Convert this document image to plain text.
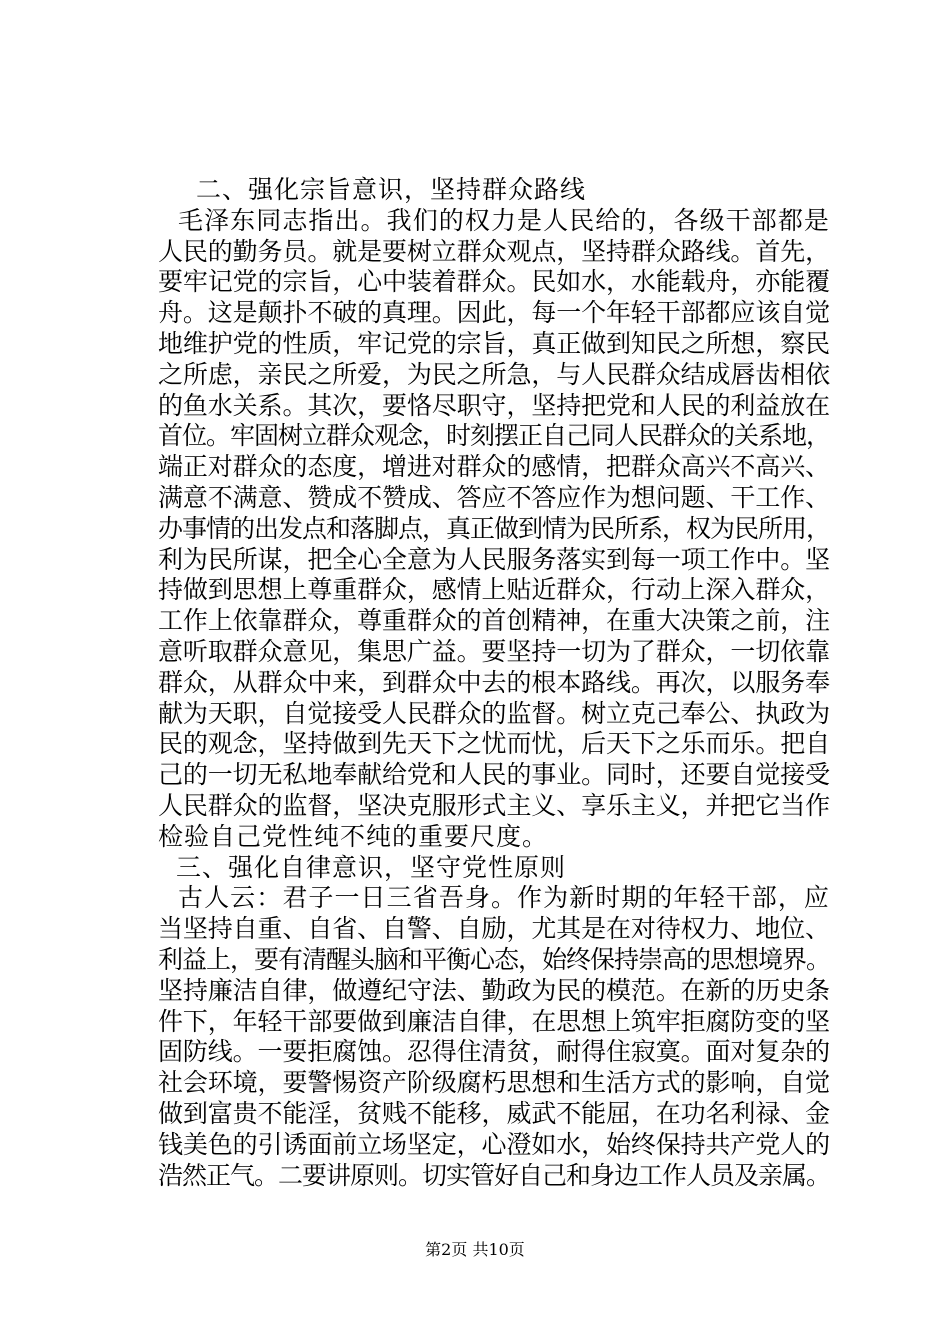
二、强化宗旨意识，坚持群众路线
毛泽东同志指出。我们的权力是人民给的，各级干部都是
人民的勤务员。就是要树立群众观点，坚持群众路线。首先，
要牢记党的宗旨，心中装着群众。民如水，水能载舟，亦能覆
舟。这是颠扑不破的真理。因此，每一个年轻干部都应该自觉
地维护党的性质，牢记党的宗旨，真正做到知民之所想，察民
之所虑，亲民之所爱，为民之所急，与人民群众结成唇齿相依
的鱼水关系。其次，要恪尽职守，坚持把党和人民的利益放在
首位。牢固树立群众观念，时刻摆正自己同人民群众的关系地，
端正对群众的态度，增进对群众的感情，把群众高兴不高兴、
满意不满意、赞成不赞成、答应不答应作为想问题、干工作、
办事情的出发点和落脚点，真正做到情为民所系，权为民所用，
利为民所谋，把全心全意为人民服务落实到每一项工作中。坚
持做到思想上尊重群众，感情上贴近群众，行动上深入群众，
工作上依靠群众，尊重群众的首创精神，在重大决策之前，注
意听取群众意见，集思广益。要坚持一切为了群众，一切依靠
群众，从群众中来，到群众中去的根本路线。再次，以服务奉
献为天职，自觉接受人民群众的监督。树立克己奉公、执政为
民的观念，坚持做到先天下之忧而忧，后天下之乐而乐。把自
己的一切无私地奉献给党和人民的事业。同时，还要自觉接受
人民群众的监督，坚决克服形式主义、享乐主义，并把它当作
检验自己党性纯不纯的重要尺度。
三、强化自律意识，坚守党性原则
古人云：君子一日三省吾身。作为新时期的年轻干部，应
当坚持自重、自省、自警、自励，尤其是在对待权力、地位、
利益上，要有清醒头脑和平衡心态，始终保持崇高的思想境界。
坚持廉洁自律，做遵纪守法、勤政为民的模范。在新的历史条
件下，年轻干部要做到廉洁自律，在思想上筑牢拒腐防变的坚
固防线。一要拒腐蚀。忍得住清贫，耐得住寂寞。面对复杂的
社会环境，要警惕资产阶级腐朽思想和生活方式的影响，自觉
第2页 共10页
做到富贵不能淫，贫贱不能移，威武不能屈，在功名利禄、金
钱美色的引诱面前立场坚定，心澄如水，始终保持共产党人的
浩然正气。二要讲原则。切实管好自己和身边工作人员及亲属。
